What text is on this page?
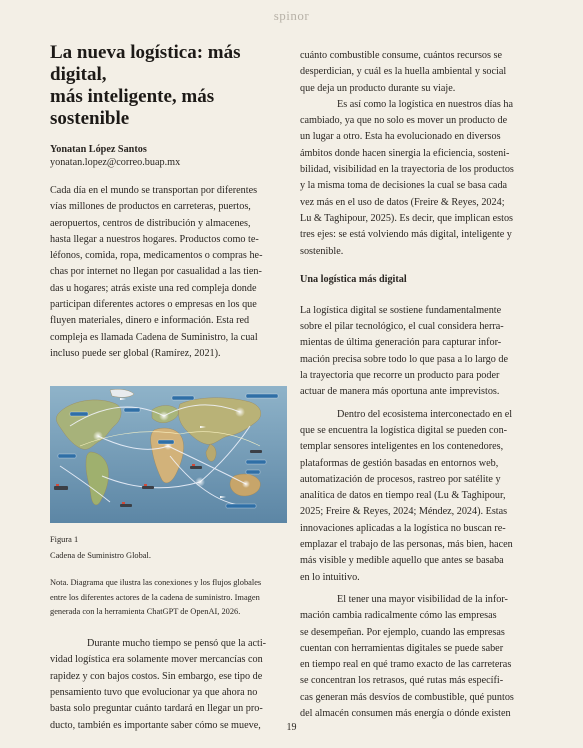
spinor
La nueva logística: más digital,
más inteligente, más sostenible
Yonatan López Santos
yonatan.lopez@correo.buap.mx

Cada día en el mundo se transportan por diferentes
vías millones de productos en carreteras, puertos,
aeropuertos, centros de distribución y almacenes,
hasta llegar a nuestros hogares. Productos como te-
léfonos, comida, ropa, medicamentos o compras he-
chas por internet no llegan por casualidad a las tien-
das u hogares; atrás existe una red compleja donde
participan diferentes actores o empresas en los que
fluyen materiales, dinero e información. Esta red
compleja es llamada Cadena de Suministro, la cual
incluso puede ser global (Ramírez, 2021).

Figura 1
Cadena de Suministro Global.
Nota. Diagrama que ilustra las conexiones y los flujos globales
entre los diferentes actores de la cadena de suministro. Imagen
generada con la herramienta ChatGPT de OpenAI, 2026.

Durante mucho tiempo se pensó que la acti-
vidad logística era solamente mover mercancías con
rapidez y con bajos costos. Sin embargo, ese tipo de
pensamiento tuvo que evolucionar ya que ahora no
basta solo preguntar cuánto tardará en llegar un pro-
ducto, también es importante saber cómo se mueve,

cuánto combustible consume, cuántos recursos se
desperdician, y cuál es la huella ambiental y social
que deja un producto durante su viaje.

Es así como la logística en nuestros días ha
cambiado, ya que no solo es mover un producto de
un lugar a otro. Esta ha evolucionado en diversos
ámbitos donde hacen sinergia la eficiencia, sosteni-
bilidad, visibilidad en la trayectoria de los productos
y la misma toma de decisiones la cual se basa cada
vez más en el uso de datos (Freire & Reyes, 2024;
Lu & Taghipour, 2025). Es decir, que implican estos
tres ejes: se está volviendo más digital, inteligente y
sostenible.

Una logística más digital

La logística digital se sostiene fundamentalmente
sobre el pilar tecnológico, el cual considera herra-
mientas de última generación para capturar infor-
mación precisa sobre todo lo que pasa a lo largo de
la trayectoria que recorre un producto para poder
actuar de manera más oportuna ante imprevistos.

Dentro del ecosistema interconectado en el
que se encuentra la logística digital se pueden con-
templar sensores inteligentes en los contenedores,
plataformas de gestión basadas en entornos web,
automatización de procesos, rastreo por satélite y
analítica de datos en tiempo real (Lu & Taghipour,
2025; Freire & Reyes, 2024; Méndez, 2024). Estas
innovaciones aplicadas a la logística no buscan re-
emplazar el trabajo de las personas, más bien, hacen
más visible y medible aquello que antes se basaba
en lo intuitivo.

El tener una mayor visibilidad de la infor-
mación cambia radicalmente cómo las empresas
se desempeñan. Por ejemplo, cuando las empresas
cuentan con herramientas digitales se puede saber
en tiempo real en qué tramo exacto de las carreteras
se concentran los retrasos, qué rutas más específi-
cas generan más desvíos de combustible, qué puntos
del almacén consumen más energía o dónde existen

19
